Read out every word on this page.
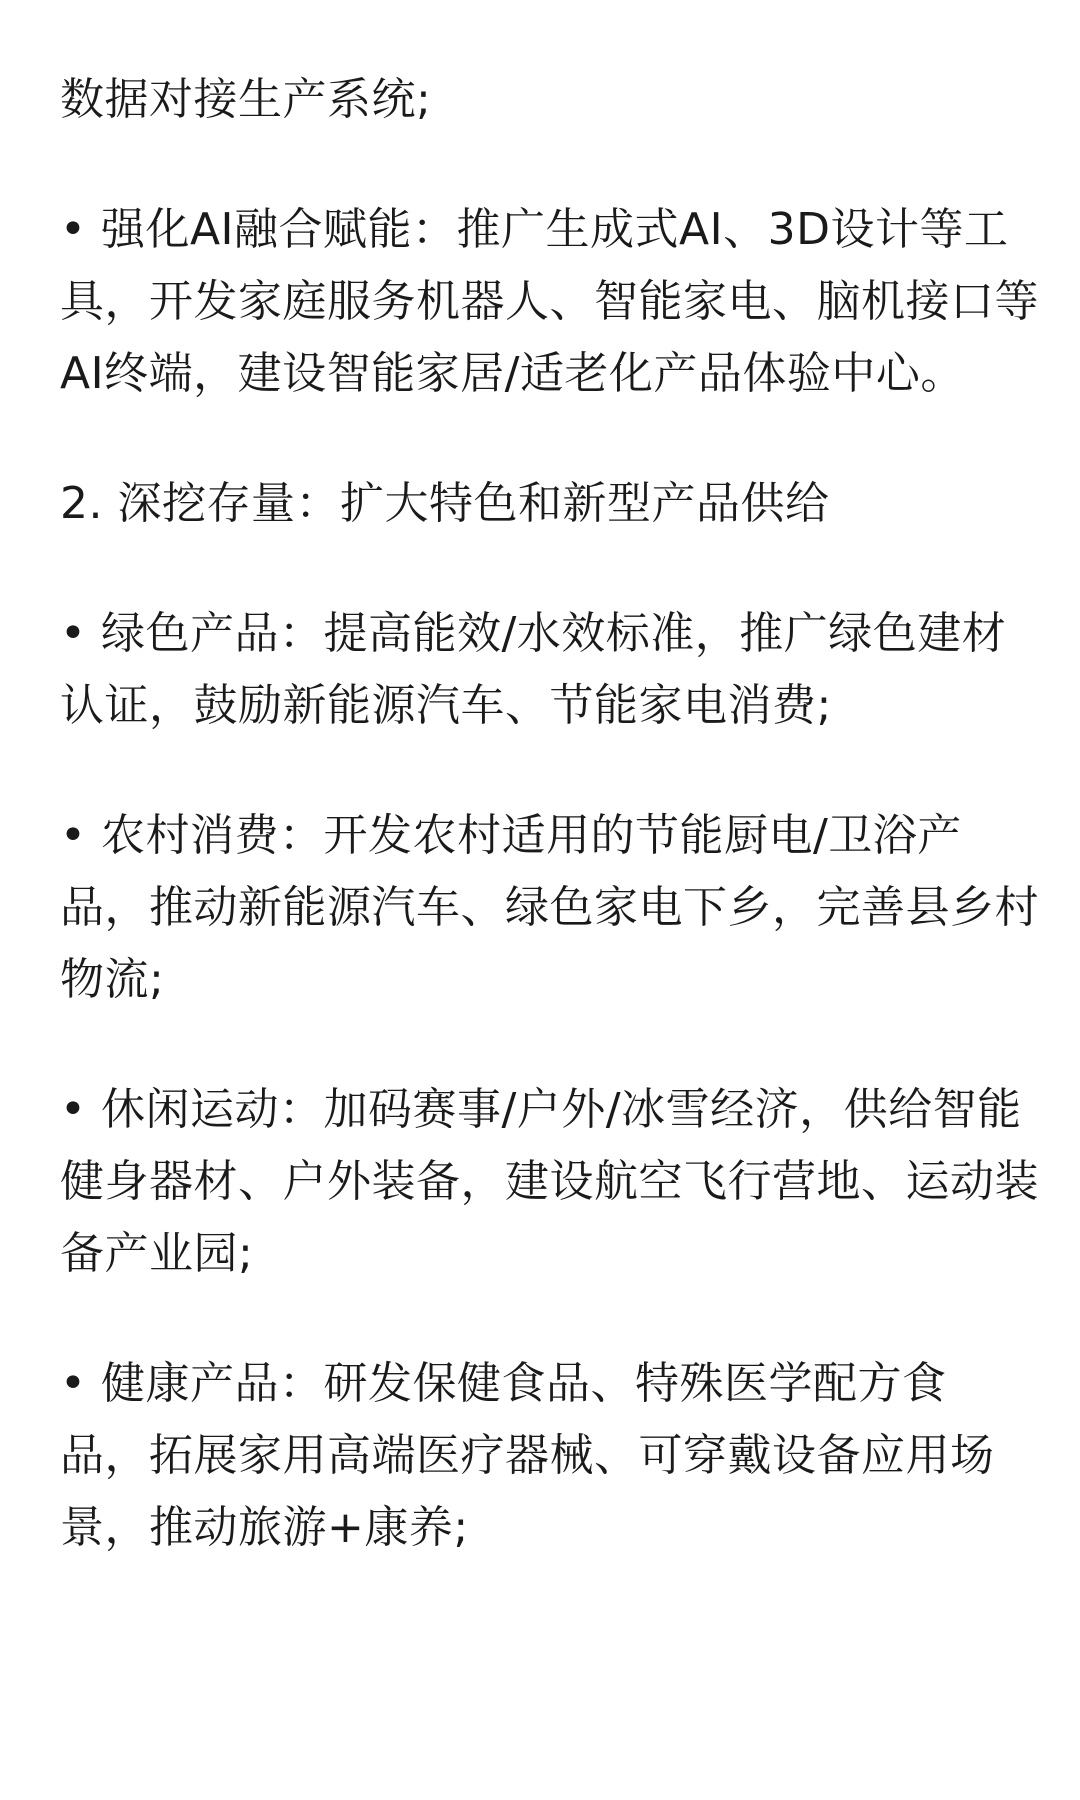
数据对接生产系统;
• 强化AI融合赋能：推广生成式AI、3D设计等工
具，开发家庭服务机器人、智能家电、脑机接口等
AI终端，建设智能家居/适老化产品体验中心。
2. 深挖存量：扩大特色和新型产品供给
• 绿色产品：提高能效/水效标准，推广绿色建材
认证，鼓励新能源汽车、节能家电消费;
• 农村消费：开发农村适用的节能厨电/卫浴产
品，推动新能源汽车、绿色家电下乡，完善县乡村
物流;
• 休闲运动：加码赛事/户外/冰雪经济，供给智能
健身器材、户外装备，建设航空飞行营地、运动装
备产业园;
• 健康产品：研发保健食品、特殊医学配方食
品，拓展家用高端医疗器械、可穿戴设备应用场
景，推动旅游+康养;
